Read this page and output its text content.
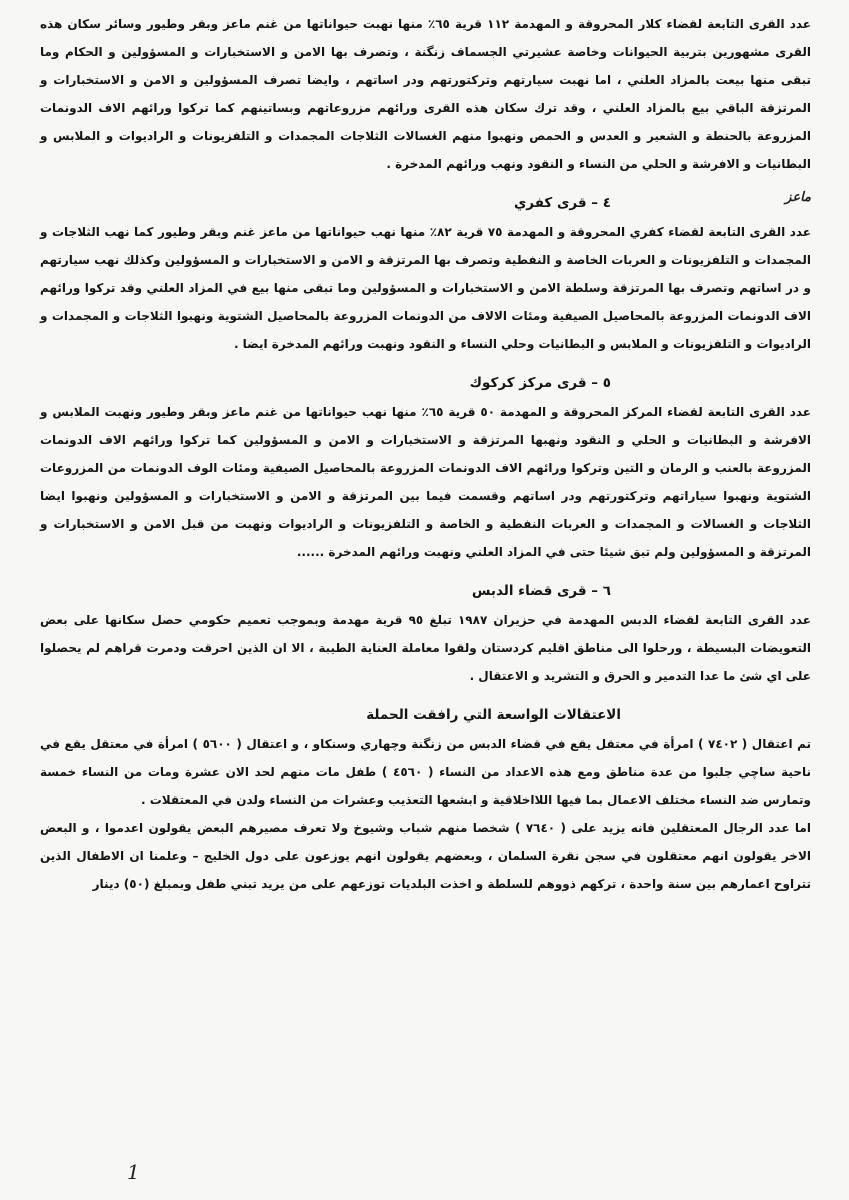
عدد القرى التابعة لقضاء كلار المحروقة و المهدمة ١١٢ قرية ٦٥٪ منها نهبت حيواناتها من غنم ماعز وبقر وطيور وسائر سكان هذه القرى مشهورين بتربية الحيوانات وخاصة عشيرتي الجسماف زنگنة ، وتصرف بها الامن و الاستخبارات و المسؤولين و الحكام وما تبقى منها بيعت بالمزاد العلني ، اما نهبت سيارتهم وتركتورتهم ودر اساتهم ، وايضا تصرف المسؤولين و الامن و الاستخبارات و المرتزقة الباقي بيع بالمزاد العلني ، وقد ترك سكان هذه القرى ورائهم مزروعاتهم وبساتينهم كما تركوا ورائهم الاف الدونمات المزروعة بالحنطة و الشعير و العدس و الحمص ونهبوا منهم الغسالات الثلاجات المجمدات و التلفزيونات و الراديوات و الملابس و البطانيات و الافرشة و الحلي من النساء و النقود ونهب ورائهم المدخرة .

٤ – قرى كفري	ماعز

عدد القرى التابعة لقضاء كفري المحروقة و المهدمة ٧٥ قرية ٨٢٪ منها نهب حيواناتها من ماعز غنم وبقر وطيور كما نهب الثلاجات و المجمدات و التلفزيونات و العربات الخاصة و النفطية وتصرف بها المرتزقة و الامن و الاستخبارات و المسؤولين وكذلك نهب سيارتهم و در اساتهم وتصرف بها المرتزقة وسلطة الامن و الاستخبارات و المسؤولين وما تبقى منها بيع في المزاد العلني وقد تركوا ورائهم الاف الدونمات المزروعة بالمحاصيل الصيفية ومئات الالاف من الدونمات المزروعة بالمحاصيل الشتوية ونهبوا الثلاجات و المجمدات و الراديوات و التلفزيونات و الملابس و البطانيات وحلي النساء و النقود ونهبت ورائهم المدخرة ايضا .

٥ – قرى مركز كركوك

عدد القرى التابعة لقضاء المركز المحروقة و المهدمة ٥٠ قرية ٦٥٪ منها نهب حيواناتها من غنم ماعز وبقر وطيور ونهبت الملابس و الافرشة و البطانيات و الحلي و النقود ونهبها المرتزقة و الاستخبارات و الامن و المسؤولين كما تركوا ورائهم الاف الدونمات المزروعة بالعنب و الرمان و التين وتركوا ورائهم الاف الدونمات المزروعة بالمحاصيل الصيفية ومئات الوف الدونمات من المزروعات الشتوية ونهبوا سياراتهم وتركتورتهم ودر اساتهم وقسمت فيما بين المرتزقة و الامن و الاستخبارات و المسؤولين ونهبوا ايضا الثلاجات و الغسالات و المجمدات و العربات النفطية و الخاصة و التلفزيونات و الراديوات ونهبت من قبل الامن و الاستخبارات و المرتزقة و المسؤولين ولم تبق شيئا حتى في المزاد العلني ونهبت ورائهم المدخرة ......

٦ – قرى قضاء الدبس

عدد القرى التابعة لقضاء الدبس المهدمة في حزيران ١٩٨٧ تبلغ ٩٥ قرية مهدمة وبموجب تعميم حكومي حصل سكانها على بعض التعويضات البسيطة ، ورحلوا الى مناطق اقليم كردستان ولقوا معاملة العناية الطيبة ، الا ان الذين احرقت ودمرت قراهم لم يحصلوا على اي شئ ما عدا التدمير و الحرق و التشريد و الاعتقال .

الاعتقالات الواسعة التي رافقت الحملة

تم اعتقال ( ٧٤٠٢ ) امرأة في معتقل يقع في قضاء الدبس من زنگنة وچهاري وسنكاو ، و اعتقال ( ٥٦٠٠ ) امرأة في معتقل يقع في ناحية ساچي جلبوا من عدة مناطق ومع هذه الاعداد من النساء ( ٤٥٦٠ ) طفل مات منهم لحد الان عشرة ومات من النساء خمسة وتمارس ضد النساء مختلف الاعمال بما فيها اللااخلاقية و ابشعها التعذيب وعشرات من النساء ولدن في المعتقلات .

اما عدد الرجال المعتقلين فانه يزيد على ( ٧٦٤٠ ) شخصا منهم شباب وشيوخ ولا تعرف مصيرهم البعض يقولون اعدموا ، و البعض الاخر يقولون انهم معتقلون في سجن نقرة السلمان ، وبعضهم يقولون انهم يوزعون على دول الخليج – وعلمنا ان الاطفال الذين تتراوح اعمارهم بين سنة واحدة ، تركهم ذووهم للسلطة و اخذت البلديات توزعهم على من يريد تبني طفل وبمبلغ (٥٠) دينار

1
